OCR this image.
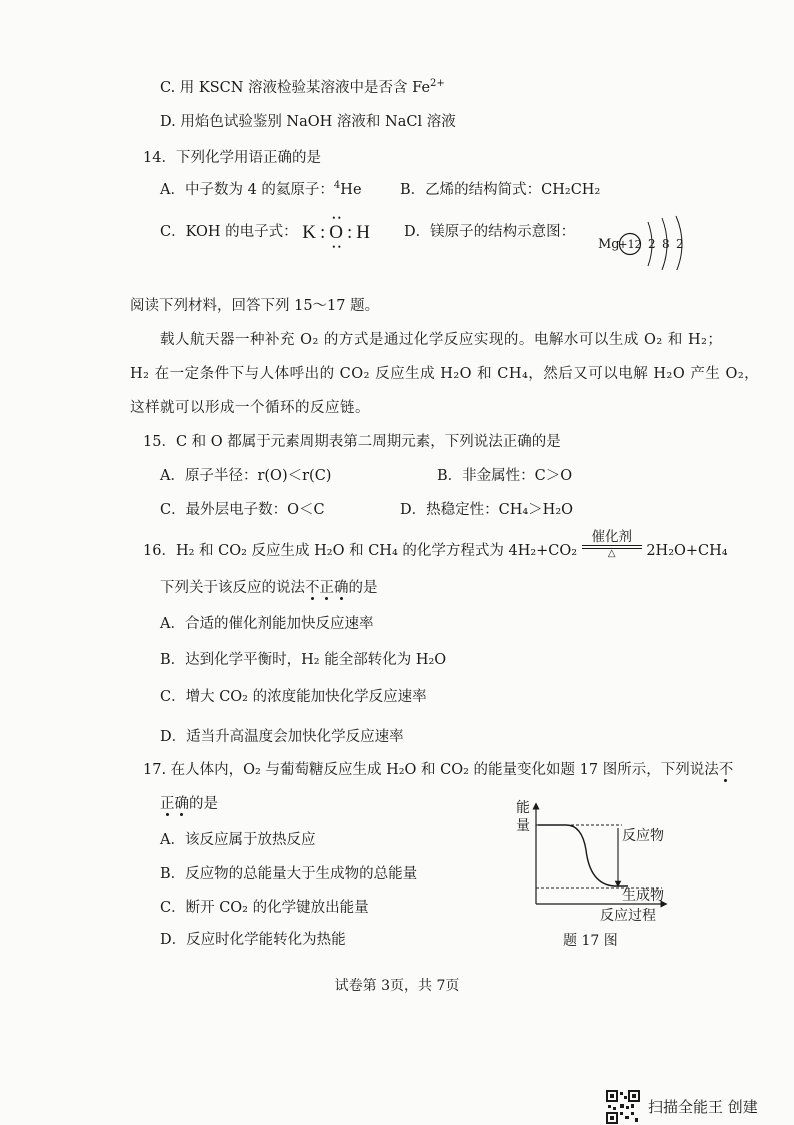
C. 用 KSCN 溶液检验某溶液中是否含 $Fe^{2+}$
D. 用焰色试验鉴别 NaOH 溶液和 NaCl 溶液
14．下列化学用语正确的是
A．中子数为 4 的氦原子：$^4$He	B．乙烯的结构简式：CH₂CH₂
C．KOH 的电子式：
• •
K:O:H
• •
D．镁原子的结构示意图：
Mg
+12 2 8 2
阅读下列材料，回答下列 15～17 题。
载人航天器一种补充 O₂ 的方式是通过化学反应实现的。电解水可以生成 O₂ 和 H₂；
H₂ 在一定条件下与人体呼出的 CO₂ 反应生成 H₂O 和 CH₄，然后又可以电解 H₂O 产生 O₂，
这样就可以形成一个循环的反应链。
15．C 和 O 都属于元素周期表第二周期元素，下列说法正确的是
A．原子半径：r(O)＜r(C)	B．非金属性：C＞O
C．最外层电子数：O＜C	D．热稳定性：CH₄＞H₂O
16．H₂ 和 CO₂ 反应生成 H₂O 和 CH₄ 的化学方程式为 4H₂+CO₂
催化剂
△	2H₂O+CH₄
下列关于该反应的说法不正确的是
A．合适的催化剂能加快反应速率
B．达到化学平衡时，H₂ 能全部转化为 H₂O
C．增大 CO₂ 的浓度能加快化学反应速率
D．适当升高温度会加快化学反应速率
17. 在人体内，O₂ 与葡萄糖反应生成 H₂O 和 CO₂ 的能量变化如题 17 图所示，下列说法不
正确的是
A．该反应属于放热反应
B．反应物的总能量大于生成物的总能量
C．断开 CO₂ 的化学键放出能量
D．反应时化学能转化为热能
能
量
反应物
生成物
反应过程
题 17 图
试卷第 3页，共 7页
扫描全能王 创建
